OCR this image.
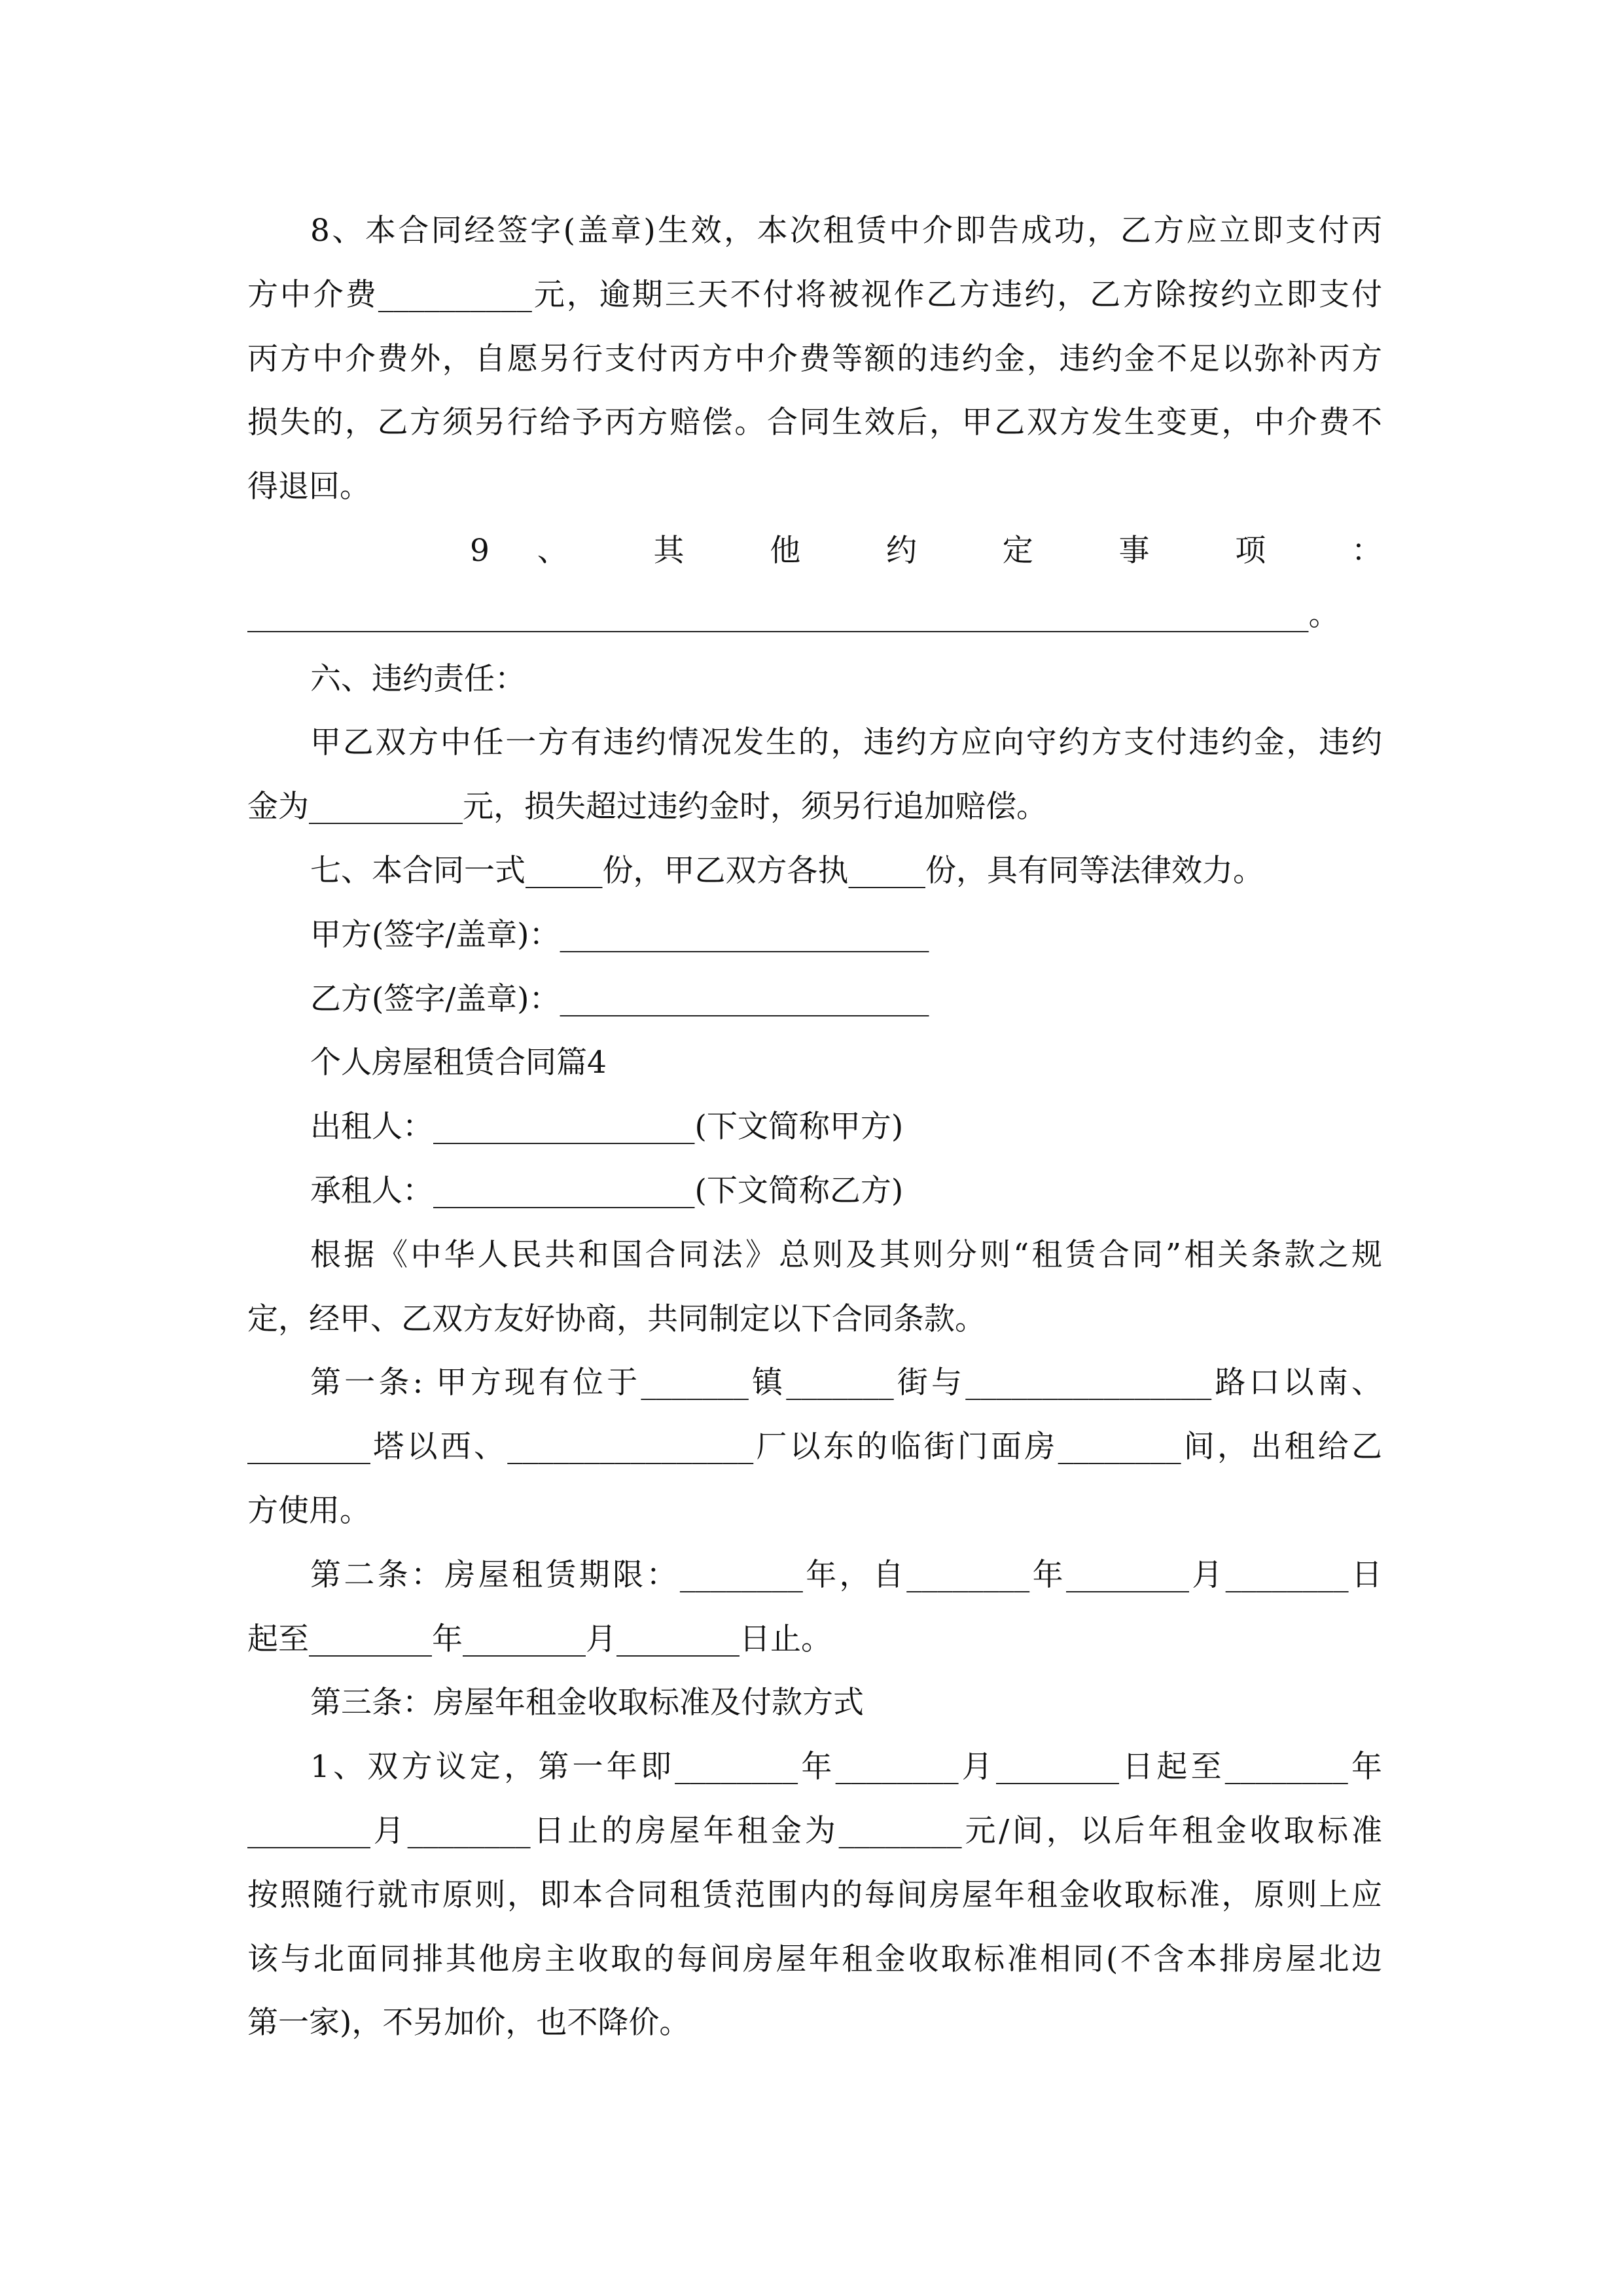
8、本合同经签字(盖章)生效，本次租赁中介即告成功，乙方应立即支付丙
方中介费__________元，逾期三天不付将被视作乙方违约，乙方除按约立即支付
丙方中介费外，自愿另行支付丙方中介费等额的违约金，违约金不足以弥补丙方
损失的，乙方须另行给予丙方赔偿。合同生效后，甲乙双方发生变更，中介费不
得退回。
9 、 其 他 约 定 事 项 ：
_____________________________________________________________________。
六、违约责任：
甲乙双方中任一方有违约情况发生的，违约方应向守约方支付违约金，违约
金为__________元，损失超过违约金时，须另行追加赔偿。
七、本合同一式_____份，甲乙双方各执_____份，具有同等法律效力。
甲方(签字/盖章)：________________________
乙方(签字/盖章)：________________________
个人房屋租赁合同篇4
出租人：_________________(下文简称甲方)
承租人：_________________(下文简称乙方)
根据《中华人民共和国合同法》总则及其则分则“租赁合同”相关条款之规
定，经甲、乙双方友好协商，共同制定以下合同条款。
第一条: 甲方现有位于_______镇_______街与________________路口以南、
________塔以西、________________厂以东的临街门面房________间，出租给乙
方使用。
第二条：房屋租赁期限：________年，自________年________月________日
起至________年________月________日止。
第三条：房屋年租金收取标准及付款方式
1、双方议定，第一年即________年________月________日起至________年
________月________日止的房屋年租金为________元/间，以后年租金收取标准
按照随行就市原则，即本合同租赁范围内的每间房屋年租金收取标准，原则上应
该与北面同排其他房主收取的每间房屋年租金收取标准相同(不含本排房屋北边
第一家)，不另加价，也不降价。
